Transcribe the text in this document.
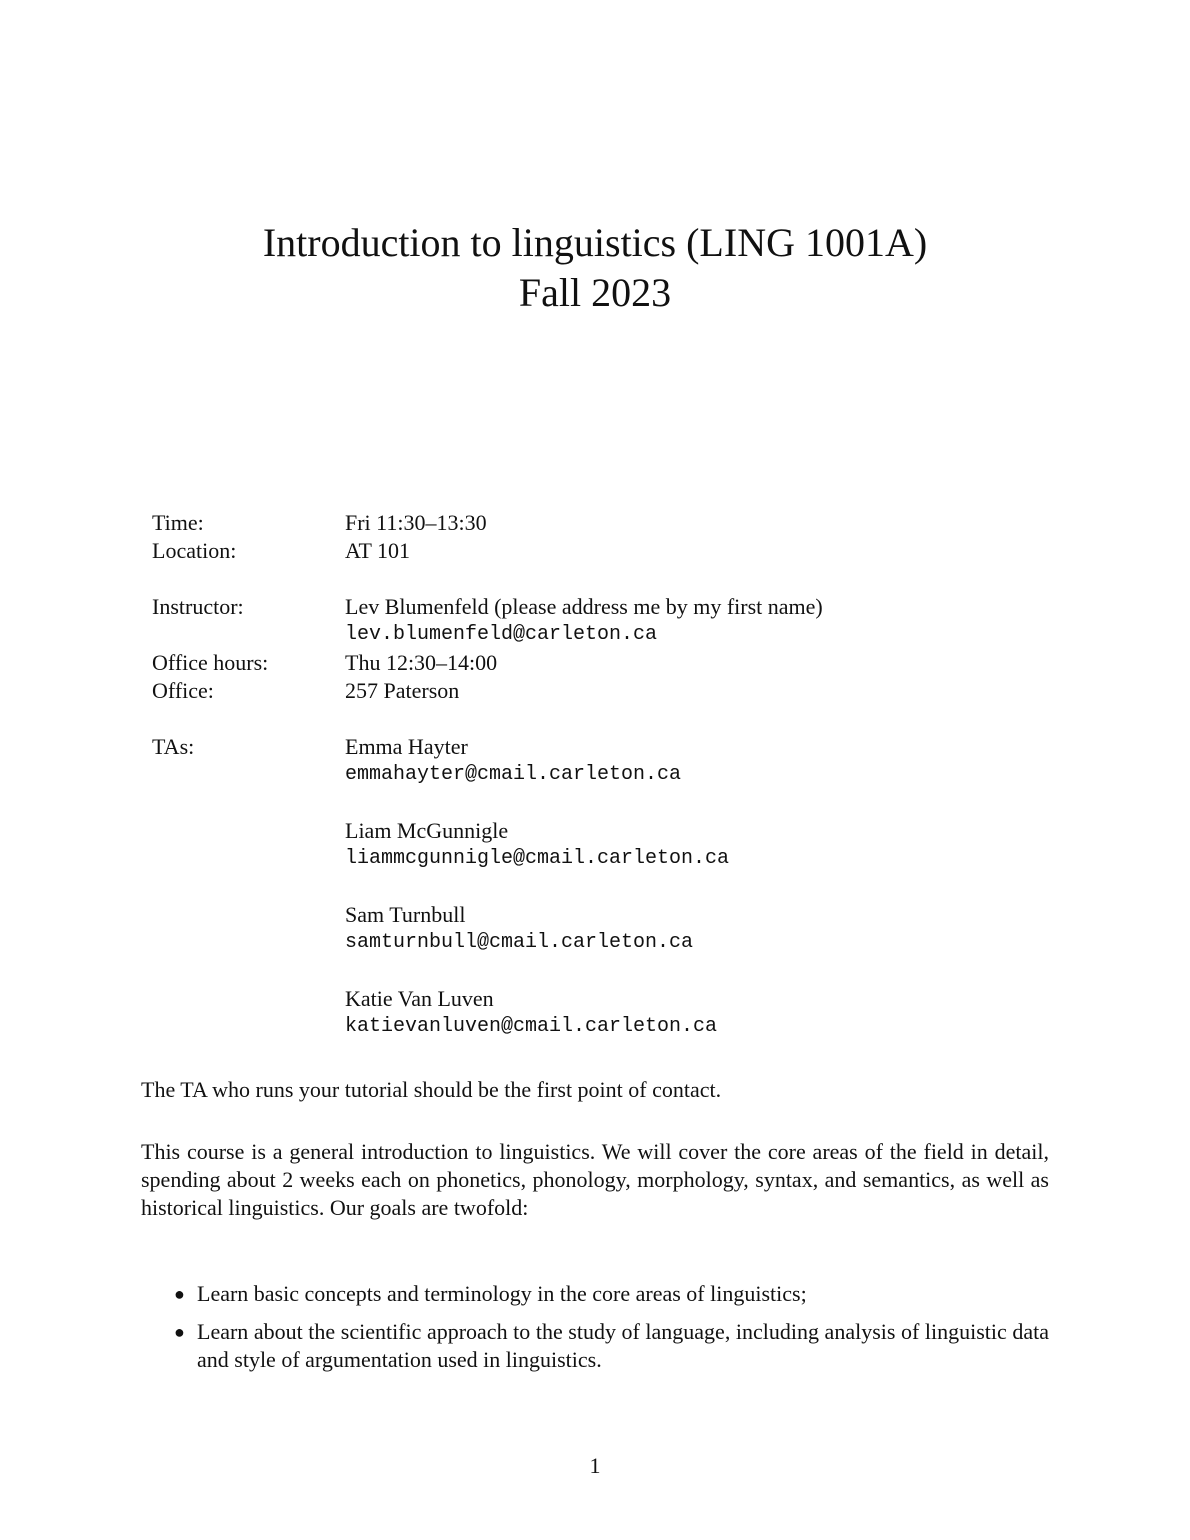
Introduction to linguistics (LING 1001A)
Fall 2023
Time:	Fri 11:30–13:30
Location:	AT 101
Instructor:	Lev Blumenfeld (please address me by my first name)
lev.blumenfeld@carleton.ca
Office hours:	Thu 12:30–14:00
Office:	257 Paterson
TAs:	Emma Hayter
emmahayter@cmail.carleton.ca
Liam McGunnigle
liammcgunnigle@cmail.carleton.ca
Sam Turnbull
samturnbull@cmail.carleton.ca
Katie Van Luven
katievanluven@cmail.carleton.ca

The TA who runs your tutorial should be the first point of contact.

This course is a general introduction to linguistics. We will cover the core areas of the field in detail, spending about 2 weeks each on phonetics, phonology, morphology, syntax, and semantics, as well as historical linguistics. Our goals are twofold:

● Learn basic concepts and terminology in the core areas of linguistics;
● Learn about the scientific approach to the study of language, including analysis of linguistic data and style of argumentation used in linguistics.
1
